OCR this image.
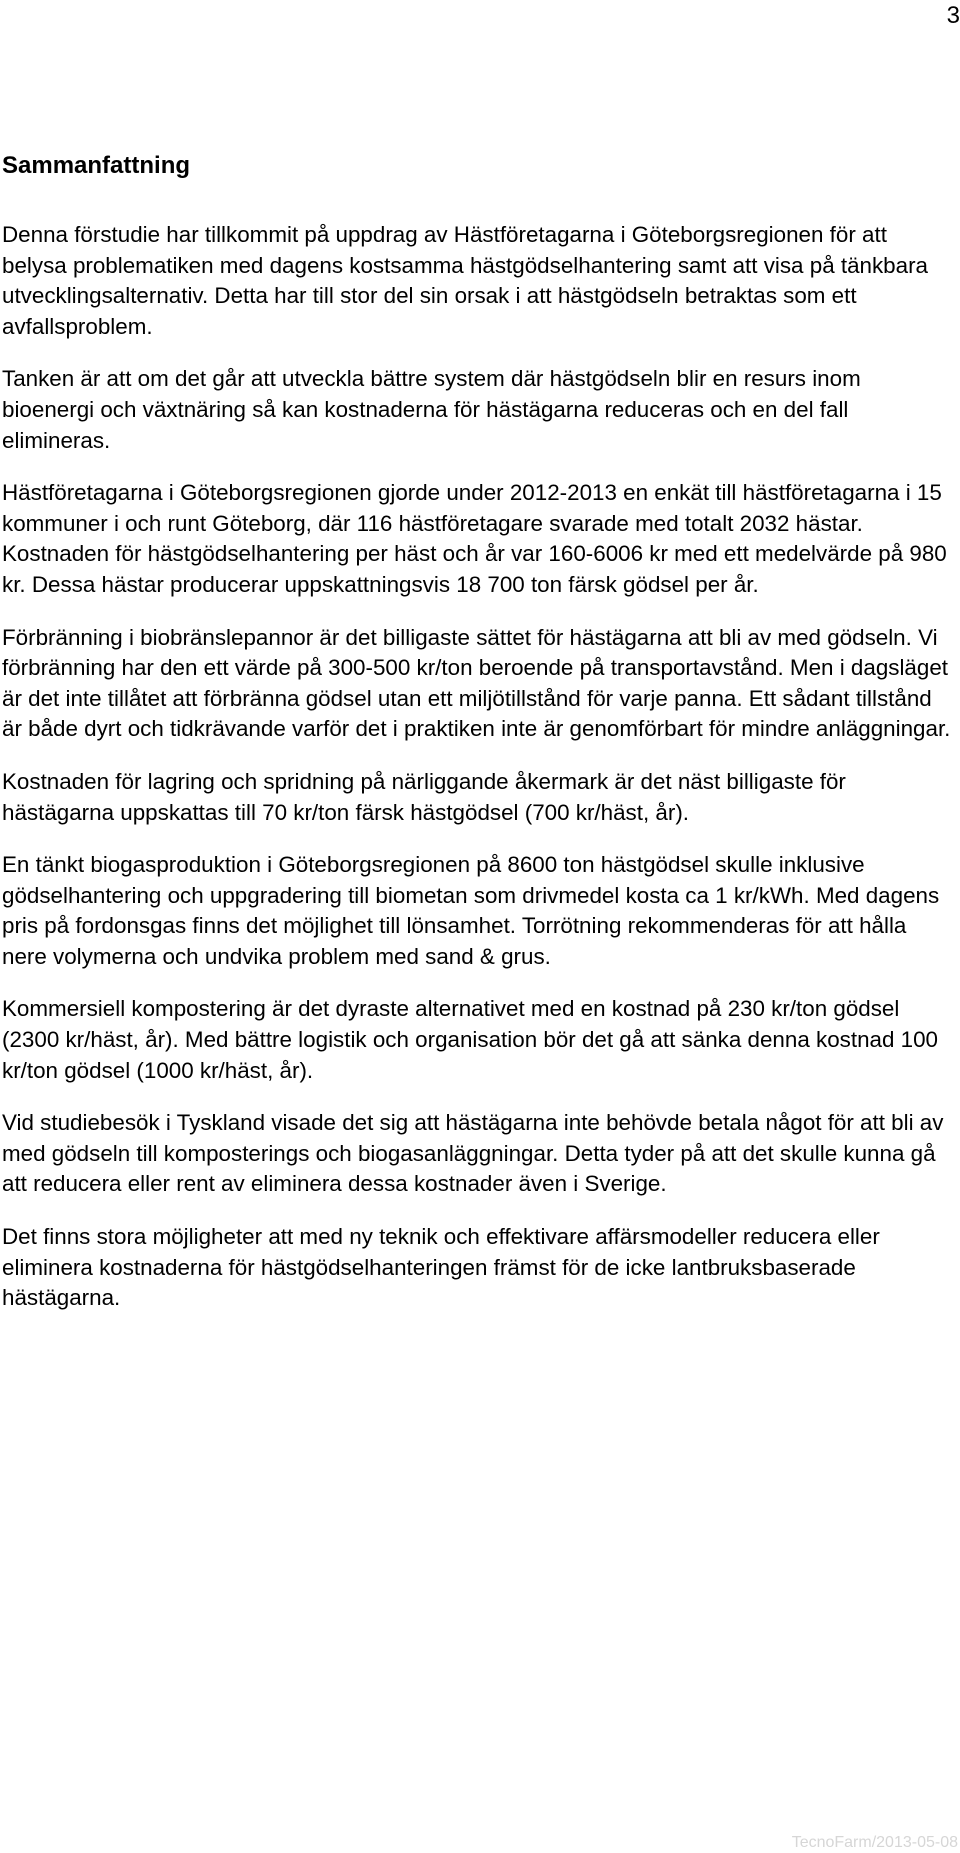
3
Sammanfattning

Denna förstudie har tillkommit på uppdrag av Hästföretagarna i Göteborgsregionen för att belysa problematiken med dagens kostsamma hästgödselhantering samt att visa på tänkbara utvecklingsalternativ. Detta har till stor del sin orsak i att hästgödseln betraktas som ett avfallsproblem.

Tanken är att om det går att utveckla bättre system där hästgödseln blir en resurs inom bioenergi och växtnäring så kan kostnaderna för hästägarna reduceras och en del fall elimineras.

Hästföretagarna i Göteborgsregionen gjorde under 2012-2013 en enkät till hästföretagarna i 15 kommuner i och runt Göteborg, där 116 hästföretagare svarade med totalt 2032 hästar. Kostnaden för hästgödselhantering per häst och år var 160-6006 kr med ett medelvärde på 980 kr. Dessa hästar producerar uppskattningsvis 18 700 ton färsk gödsel per år.

Förbränning i biobränslepannor är det billigaste sättet för hästägarna att bli av med gödseln. Vi förbränning har den ett värde på 300-500 kr/ton beroende på transportavstånd. Men i dagsläget är det inte tillåtet att förbränna gödsel utan ett miljötillstånd för varje panna. Ett sådant tillstånd är både dyrt och tidkrävande varför det i praktiken inte är genomförbart för mindre anläggningar.

Kostnaden för lagring och spridning på närliggande åkermark är det näst billigaste för hästägarna uppskattas till 70 kr/ton färsk hästgödsel (700 kr/häst, år).

En tänkt biogasproduktion i Göteborgsregionen på 8600 ton hästgödsel skulle inklusive gödselhantering och uppgradering till biometan som drivmedel kosta ca 1 kr/kWh. Med dagens pris på fordonsgas finns det möjlighet till lönsamhet. Torrötning rekommenderas för att hålla nere volymerna och undvika problem med sand & grus.

Kommersiell kompostering är det dyraste alternativet med en kostnad på 230 kr/ton gödsel (2300 kr/häst, år). Med bättre logistik och organisation bör det gå att sänka denna kostnad 100 kr/ton gödsel (1000 kr/häst, år).

Vid studiebesök i Tyskland visade det sig att hästägarna inte behövde betala något för att bli av med gödseln till komposterings och biogasanläggningar. Detta tyder på att det skulle kunna gå att reducera eller rent av eliminera dessa kostnader även i Sverige.

Det finns stora möjligheter att med ny teknik och effektivare affärsmodeller reducera eller eliminera kostnaderna för hästgödselhanteringen främst för de icke lantbruksbaserade hästägarna.

TecnoFarm/2013-05-08
